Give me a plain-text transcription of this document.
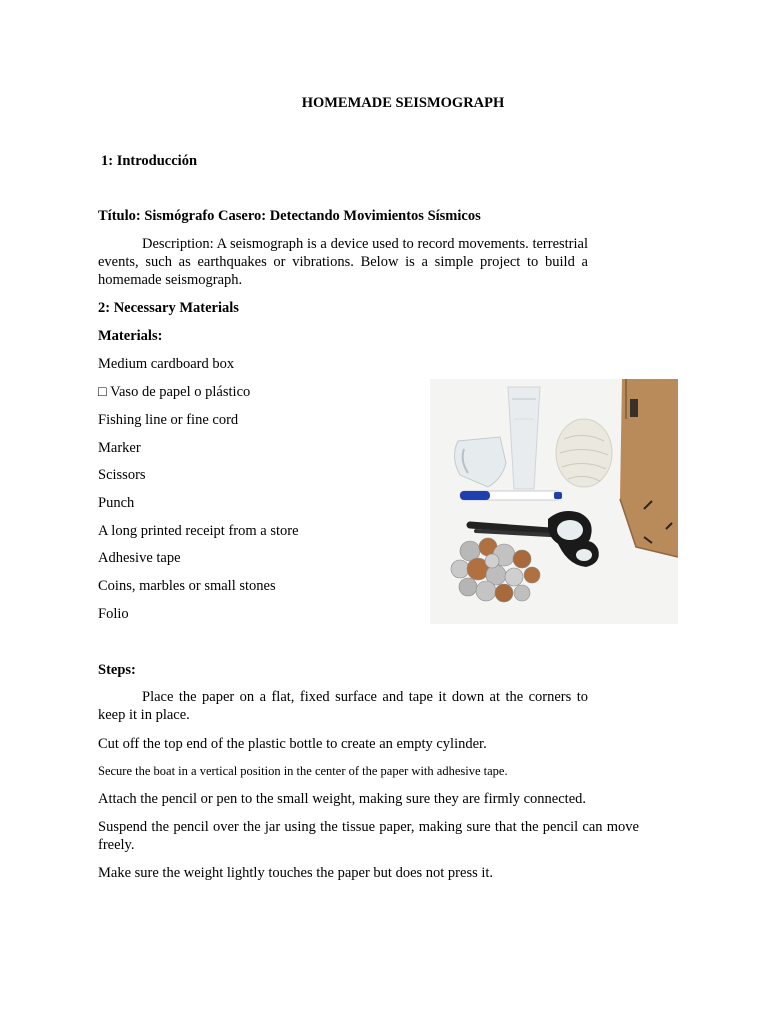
HOMEMADE SEISMOGRAPH
1: Introducción
Título: Sismógrafo Casero: Detectando Movimientos Sísmicos
Description: A seismograph is a device used to record movements. terrestrial events, such as earthquakes or vibrations. Below is a simple project to build a homemade seismograph.
2: Necessary Materials
Materials:
Medium cardboard box
□ Vaso de papel o plástico
Fishing line or fine cord
Marker
Scissors
Punch
A long printed receipt from a store
Adhesive tape
Coins, marbles or small stones
Folio
Steps:
Place the paper on a flat, fixed surface and tape it down at the corners to keep it in place.
Cut off the top end of the plastic bottle to create an empty cylinder.
Secure the boat in a vertical position in the center of the paper with adhesive tape.
Attach the pencil or pen to the small weight, making sure they are firmly connected.
Suspend the pencil over the jar using the tissue paper, making sure that the pencil can move freely.
Make sure the weight lightly touches the paper but does not press it.
